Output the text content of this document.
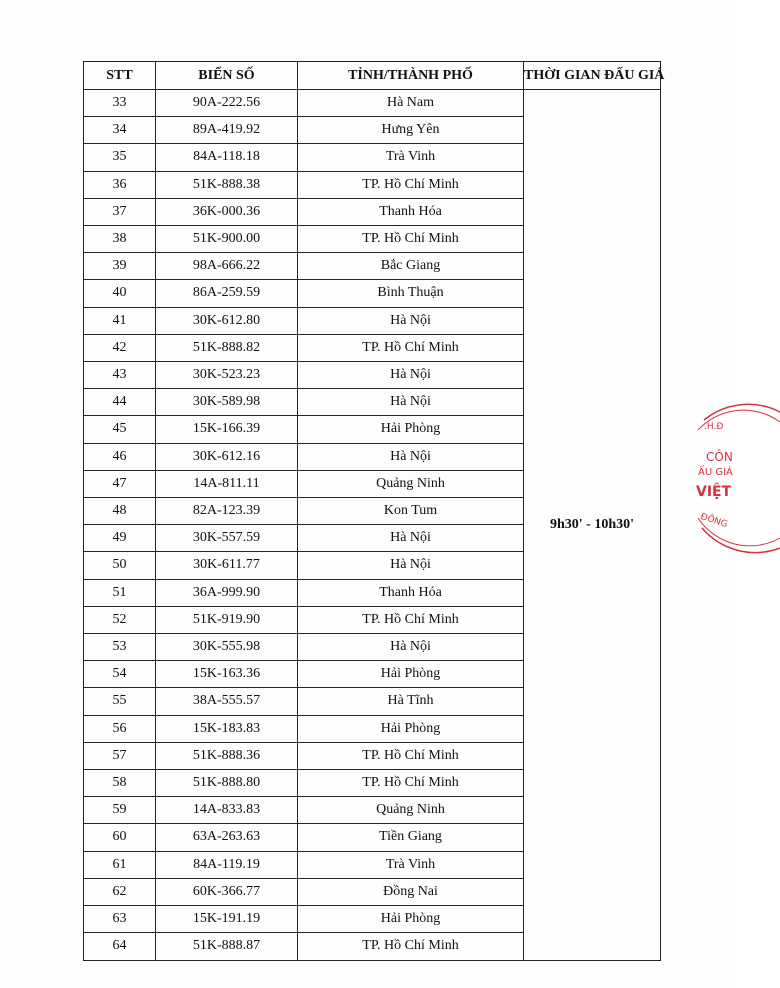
STT	BIỂN SỐ	TỈNH/THÀNH PHỐ	THỜI GIAN ĐẤU GIÁ
33	90A-222.56	Hà Nam	9h30' - 10h30'
34	89A-419.92	Hưng Yên	
35	84A-118.18	Trà Vinh	
36	51K-888.38	TP. Hồ Chí Minh	
37	36K-000.36	Thanh Hóa	
38	51K-900.00	TP. Hồ Chí Minh	
39	98A-666.22	Bắc Giang	
40	86A-259.59	Bình Thuận	
41	30K-612.80	Hà Nội	
42	51K-888.82	TP. Hồ Chí Minh	
43	30K-523.23	Hà Nội	
44	30K-589.98	Hà Nội	
45	15K-166.39	Hải Phòng	
46	30K-612.16	Hà Nội	
47	14A-811.11	Quảng Ninh	
48	82A-123.39	Kon Tum	
49	30K-557.59	Hà Nội	
50	30K-611.77	Hà Nội	
51	36A-999.90	Thanh Hóa	
52	51K-919.90	TP. Hồ Chí Minh	
53	30K-555.98	Hà Nội	
54	15K-163.36	Hải Phòng	
55	38A-555.57	Hà Tĩnh	
56	15K-183.83	Hải Phòng	
57	51K-888.36	TP. Hồ Chí Minh	
58	51K-888.80	TP. Hồ Chí Minh	
59	14A-833.83	Quảng Ninh	
60	63A-263.63	Tiền Giang	
61	84A-119.19	Trà Vinh	
62	60K-366.77	Đồng Nai	
63	15K-191.19	Hải Phòng	
64	51K-888.87	TP. Hồ Chí Minh	
.H.Đ
CÔN
ẤU GIÁ
VIỆT
ĐÔNG
